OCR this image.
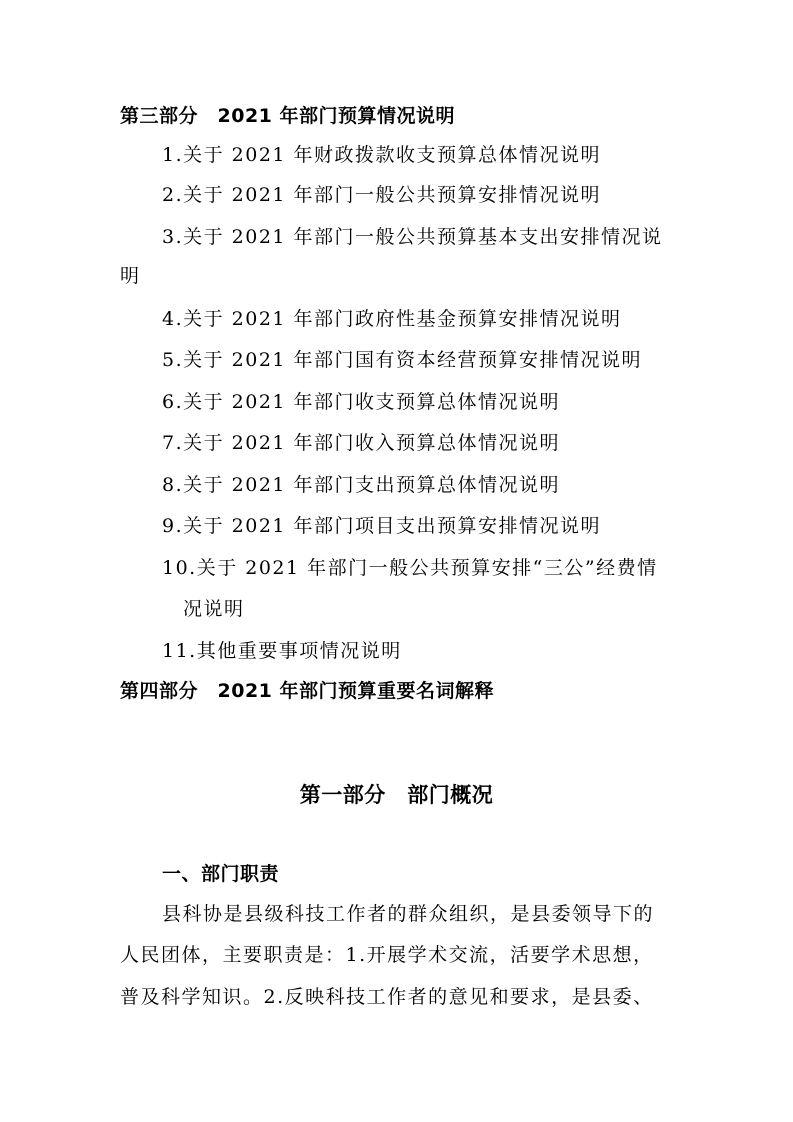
第三部分　2021 年部门预算情况说明
1.关于 2021 年财政拨款收支预算总体情况说明
2.关于 2021 年部门一般公共预算安排情况说明
3.关于 2021 年部门一般公共预算基本支出安排情况说
明
4.关于 2021 年部门政府性基金预算安排情况说明
5.关于 2021 年部门国有资本经营预算安排情况说明
6.关于 2021 年部门收支预算总体情况说明
7.关于 2021 年部门收入预算总体情况说明
8.关于 2021 年部门支出预算总体情况说明
9.关于 2021 年部门项目支出预算安排情况说明
10.关于 2021 年部门一般公共预算安排“三公”经费情
况说明
11.其他重要事项情况说明
第四部分　2021 年部门预算重要名词解释
第一部分　部门概况
一、部门职责
县科协是县级科技工作者的群众组织，是县委领导下的
人民团体，主要职责是：1.开展学术交流，活要学术思想，
普及科学知识。2.反映科技工作者的意见和要求，是县委、
